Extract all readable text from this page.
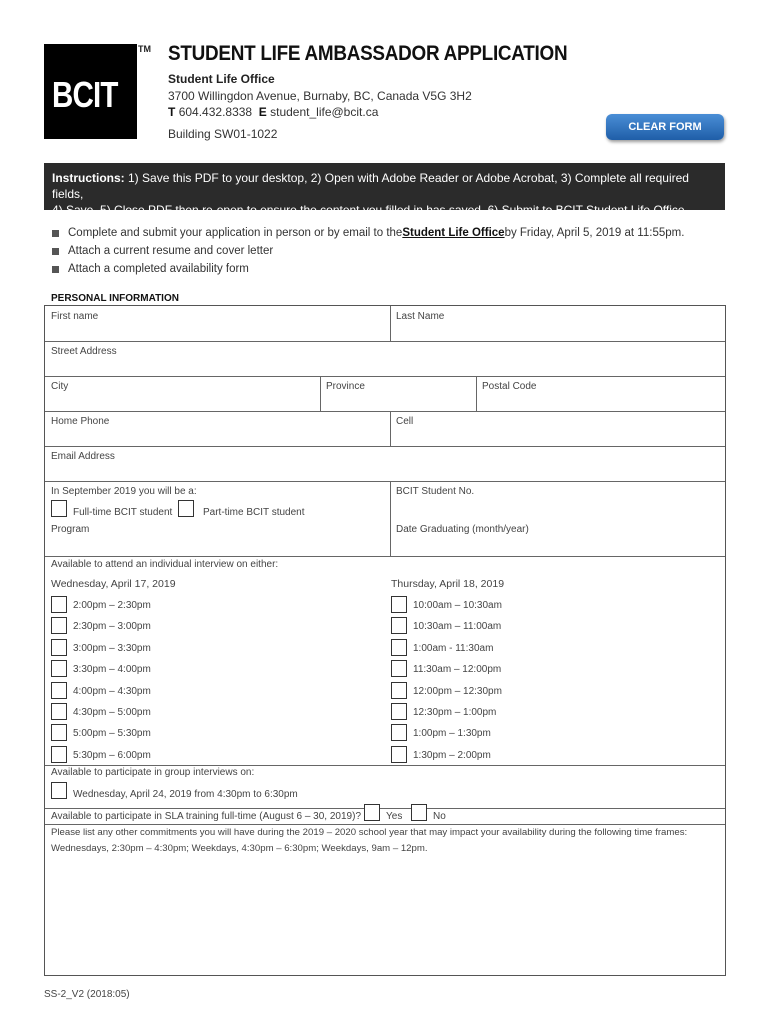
BCIT
TM STUDENT LIFE AMBASSADOR APPLICATION
Student Life Office
3700 Willingdon Avenue, Burnaby, BC, Canada V5G 3H2
T 604.432.8338 E student_life@bcit.ca
Building SW01-1022	CLEAR FORM
Instructions: 1) Save this PDF to your desktop, 2) Open with Adobe Reader or Adobe Acrobat, 3) Complete all required fields,
4) Save, 5) Close PDF then re-open to ensure the content you filled in has saved, 6) Submit to BCIT Student Life Office.
Complete and submit your application in person or by email to the Student Life Office by Friday, April 5, 2019 at 11:55pm.
Attach a current resume and cover letter
Attach a completed availability form
PERSONAL INFORMATION
First name	Last Name
Street Address
City	Province	Postal Code
Home Phone	Cell
Email Address
In September 2019 you will be a:	BCIT Student No.
Full-time BCIT student	Part-time BCIT student
Program	Date Graduating (month/year)
Available to attend an individual interview on either:
Wednesday, April 17, 2019	Thursday, April 18, 2019
2:00pm – 2:30pm	10:00am – 10:30am
2:30pm – 3:00pm	10:30am – 11:00am
3:00pm – 3:30pm	1:00am - 11:30am
3:30pm – 4:00pm	11:30am – 12:00pm
4:00pm – 4:30pm	12:00pm – 12:30pm
4:30pm – 5:00pm	12:30pm – 1:00pm
5:00pm – 5:30pm	1:00pm – 1:30pm
5:30pm – 6:00pm	1:30pm – 2:00pm
Available to participate in group interviews on:
Wednesday, April 24, 2019 from 4:30pm to 6:30pm
Available to participate in SLA training full-time (August 6 – 30, 2019)?	Yes	No
Please list any other commitments you will have during the 2019 – 2020 school year that may impact your availability during the following time frames:
Wednesdays, 2:30pm – 4:30pm; Weekdays, 4:30pm – 6:30pm; Weekdays, 9am – 12pm.
SS-2_V2 (2018:05)
